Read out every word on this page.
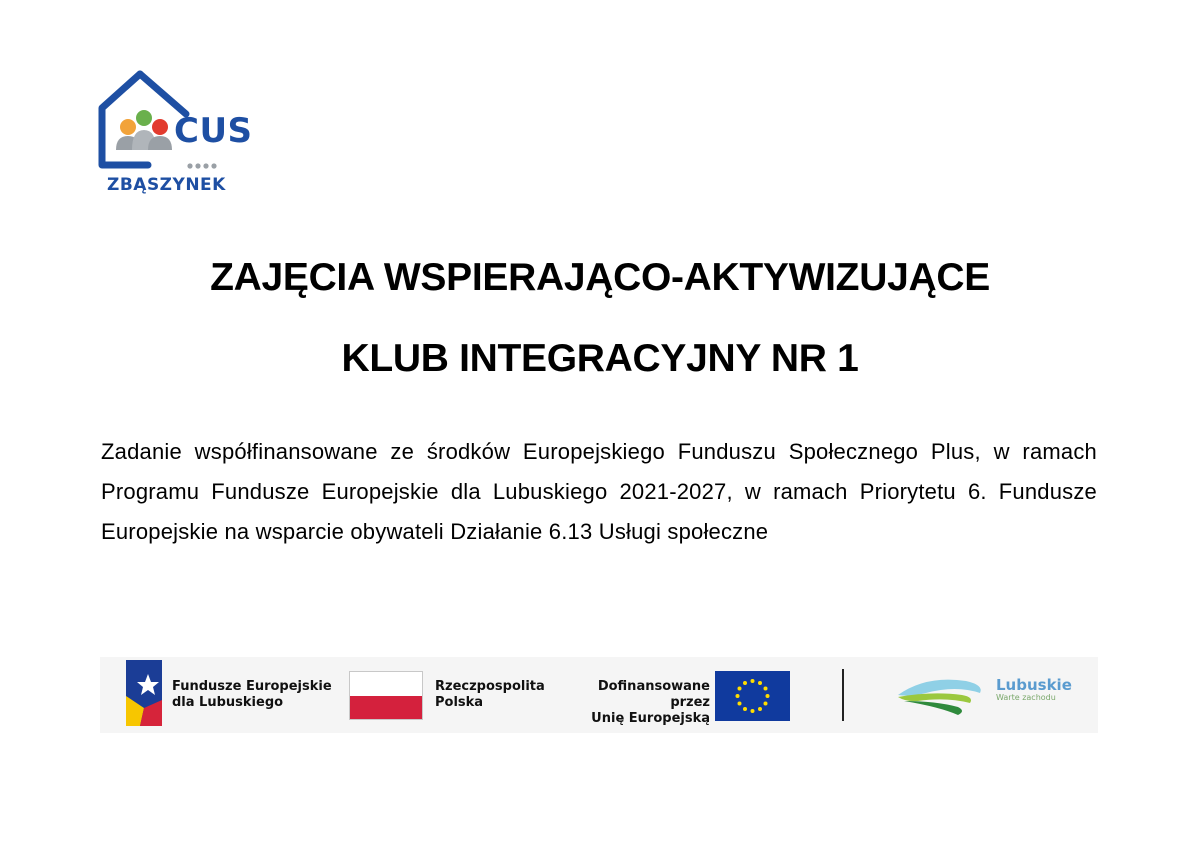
CUS
ZBĄSZYNEK
ZAJĘCIA WSPIERAJĄCO-AKTYWIZUJĄCE
KLUB INTEGRACYJNY NR 1

Zadanie współfinansowane ze środków Europejskiego Funduszu Społecznego Plus, w ramach Programu Fundusze Europejskie dla Lubuskiego 2021-2027, w ramach Priorytetu 6. Fundusze Europejskie na wsparcie obywateli Działanie 6.13 Usługi społeczne

Fundusze Europejskie
dla Lubuskiego
Rzeczpospolita
Polska
Dofinansowane przez
Unię Europejską
Lubuskie
Warte zachodu
